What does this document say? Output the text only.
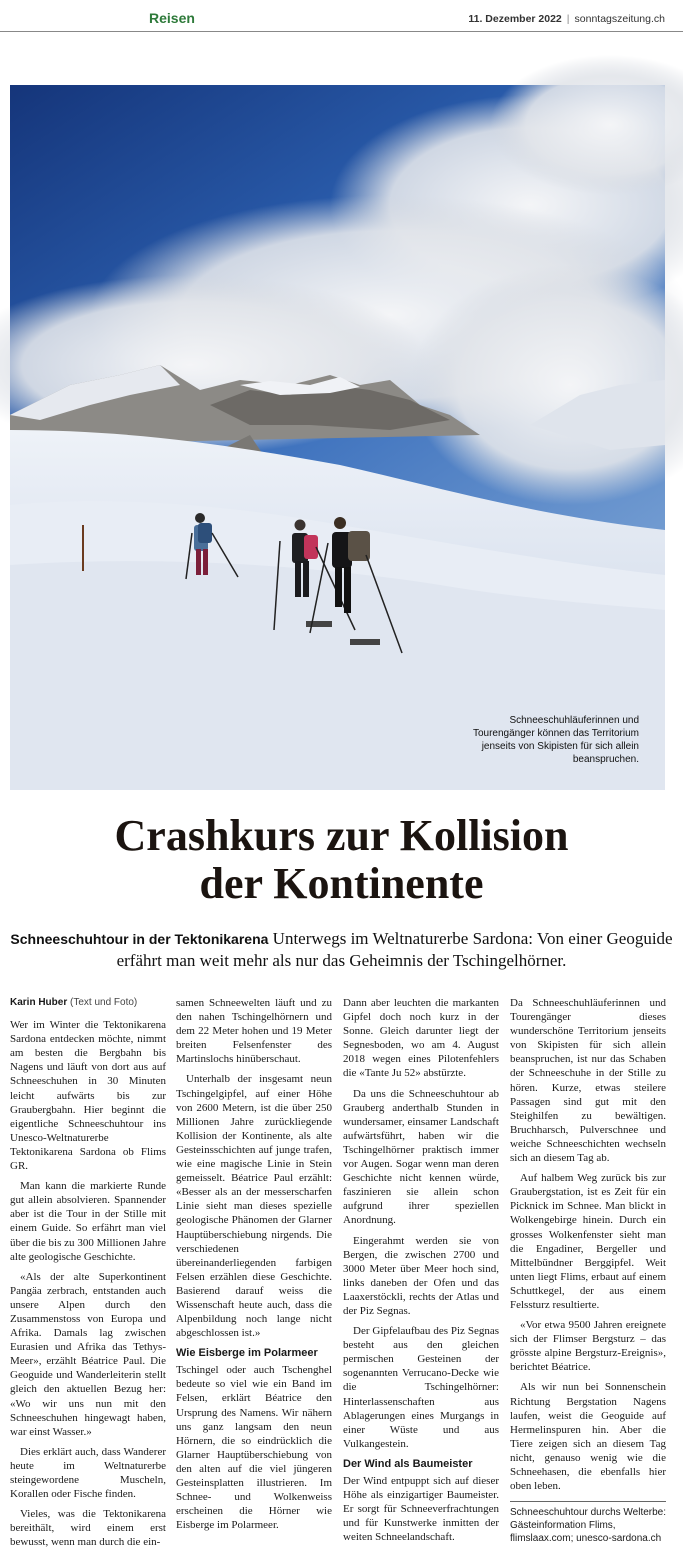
Reisen	11. Dezember 2022 | sonntagszeitung.ch
Schneeschuhläuferinnen und Tourengänger können das Territorium jenseits von Skipisten für sich allein beanspruchen.
Crashkurs zur Kollision
der Kontinente
Schneeschuhtour in der Tektonikarena Unterwegs im Weltnaturerbe Sardona: Von einer Geoguide erfährt man weit mehr als nur das Geheimnis der Tschingelhörner.
Karin Huber (Text und Foto)

Wer im Winter die Tektonikarena Sardona entdecken möchte, nimmt am besten die Bergbahn bis Nagens und läuft von dort aus auf Schneeschuhen in 30 Minuten leicht aufwärts bis zur Graubergbahn. Hier beginnt die eigentliche Schneeschuhtour ins Unesco-Weltnaturerbe Tektonikarena Sardona ob Flims GR.

Man kann die markierte Runde gut allein absolvieren. Spannender aber ist die Tour in der Stille mit einem Guide. So erfährt man viel über die bis zu 300 Millionen Jahre alte geologische Geschichte.

«Als der alte Superkontinent Pangäa zerbrach, entstanden auch unsere Alpen durch den Zusammenstoss von Europa und Afrika. Damals lag zwischen Eurasien und Afrika das Tethys-Meer», erzählt Béatrice Paul. Die Geoguide und Wanderleiterin stellt gleich den aktuellen Bezug her: «Wo wir uns nun mit den Schneeschuhen hingewagt haben, war einst Wasser.»

Dies erklärt auch, dass Wanderer heute im Weltnaturerbe steingewordene Muscheln, Korallen oder Fische finden.

Vieles, was die Tektonikarena bereithält, wird einem erst bewusst, wenn man durch die ein-

samen Schneewelten läuft und zu den nahen Tschingelhörnern und dem 22 Meter hohen und 19 Meter breiten Felsenfenster des Martinslochs hinüberschaut.

Unterhalb der insgesamt neun Tschingelgipfel, auf einer Höhe von 2600 Metern, ist die über 250 Millionen Jahre zurückliegende Kollision der Kontinente, als alte Gesteinsschichten auf junge trafen, wie eine magische Linie in Stein gemeisselt. Béatrice Paul erzählt: «Besser als an der messerscharfen Linie sieht man dieses spezielle geologische Phänomen der Glarner Hauptüberschiebung nirgends. Die verschiedenen übereinanderliegenden farbigen Felsen erzählen diese Geschichte. Basierend darauf weiss die Wissenschaft heute auch, dass die Alpenbildung noch lange nicht abgeschlossen ist.»

Wie Eisberge im Polarmeer

Tschingel oder auch Tschenghel bedeute so viel wie ein Band im Felsen, erklärt Béatrice den Ursprung des Namens. Wir nähern uns ganz langsam den neun Hörnern, die so eindrücklich die Glarner Hauptüberschiebung von den alten auf die viel jüngeren Gesteinsplatten illustrieren. Im Schnee- und Wolkenweiss erscheinen die Hörner wie Eisberge im Polarmeer.

Dann aber leuchten die markanten Gipfel doch noch kurz in der Sonne. Gleich darunter liegt der Segnesboden, wo am 4. August 2018 wegen eines Pilotenfehlers die «Tante Ju 52» abstürzte.

Da uns die Schneeschuhtour ab Grauberg anderthalb Stunden in wundersamer, einsamer Landschaft aufwärtsführt, haben wir die Tschingelhörner praktisch immer vor Augen. Sogar wenn man deren Geschichte nicht kennen würde, faszinieren sie allein schon aufgrund ihrer speziellen Anordnung.

Eingerahmt werden sie von Bergen, die zwischen 2700 und 3000 Meter über Meer hoch sind, links daneben der Ofen und das Laaxerstöckli, rechts der Atlas und der Piz Segnas.

Der Gipfelaufbau des Piz Segnas besteht aus den gleichen permischen Gesteinen der sogenannten Verrucano-Decke wie die Tschingelhörner: Hinterlassenschaften aus Ablagerungen eines Murgangs in einer Wüste und aus Vulkangestein.

Der Wind als Baumeister

Der Wind entpuppt sich auf dieser Höhe als einzigartiger Baumeister. Er sorgt für Schneeverfrachtungen und für Kunstwerke inmitten der weiten Schneelandschaft.

Da Schneeschuhläuferinnen und Tourengänger dieses wunderschöne Territorium jenseits von Skipisten für sich allein beanspruchen, ist nur das Schaben der Schneeschuhe in der Stille zu hören. Kurze, etwas steilere Passagen sind gut mit den Steighilfen zu bewältigen. Bruchharsch, Pulverschnee und weiche Schneeschichten wechseln sich an diesem Tag ab.

Auf halbem Weg zurück bis zur Graubergstation, ist es Zeit für ein Picknick im Schnee. Man blickt in Wolkengebirge hinein. Durch ein grosses Wolkenfenster sieht man die Engadiner, Bergeller und Mittelbündner Berggipfel. Weit unten liegt Flims, erbaut auf einem Schuttkegel, der aus einem Felssturz resultierte.

«Vor etwa 9500 Jahren ereignete sich der Flimser Bergsturz – das grösste alpine Bergsturz-Ereignis», berichtet Béatrice.

Als wir nun bei Sonnenschein Richtung Bergstation Nagens laufen, weist die Geoguide auf Hermelinspuren hin. Aber die Tiere zeigen sich an diesem Tag nicht, genauso wenig wie die Schneehasen, die ebenfalls hier oben leben.

Schneeschuhtour durchs Welterbe: Gästeinformation Flims, flimslaax.com; unesco-sardona.ch
